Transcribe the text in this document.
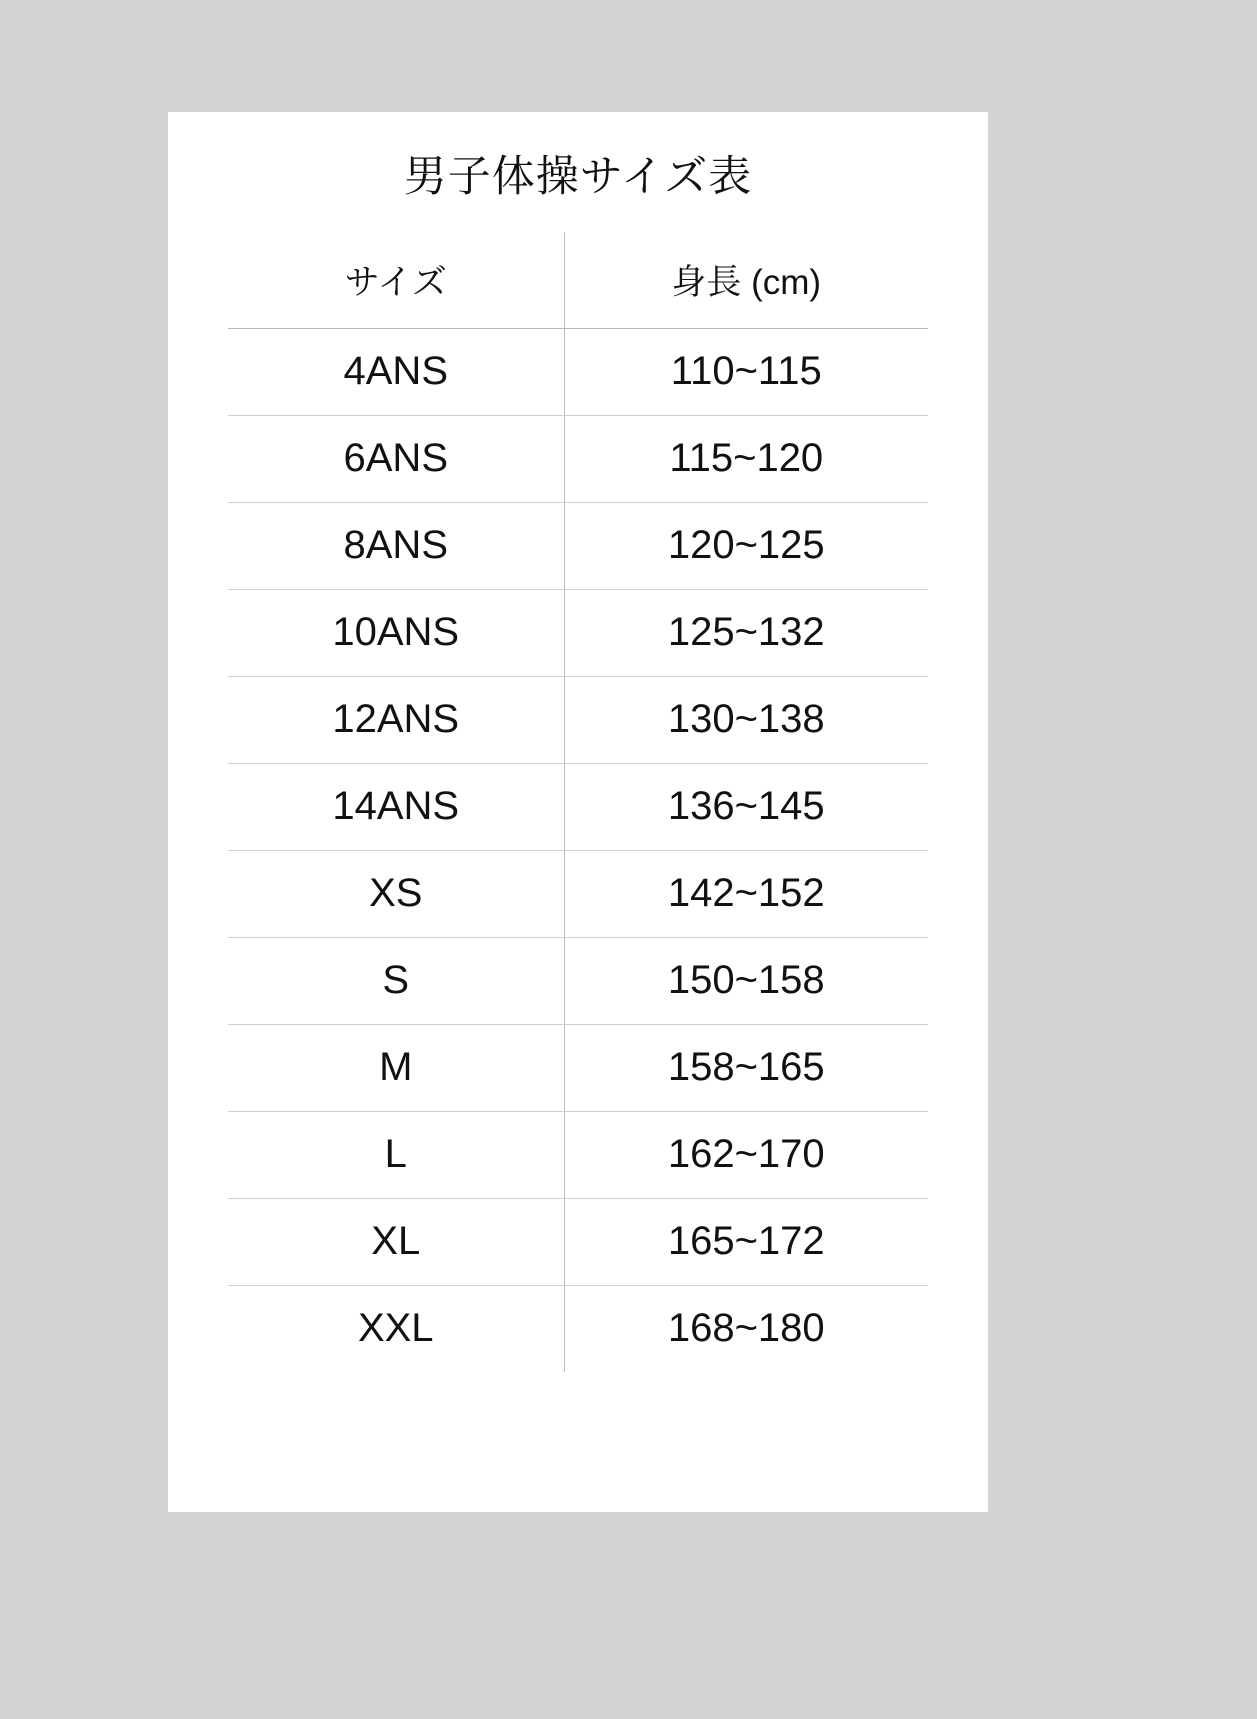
男子体操サイズ表
サイズ	身長 (cm)
4ANS	110~115
6ANS	115~120
8ANS	120~125
10ANS	125~132
12ANS	130~138
14ANS	136~145
XS	142~152
S	150~158
M	158~165
L	162~170
XL	165~172
XXL	168~180
